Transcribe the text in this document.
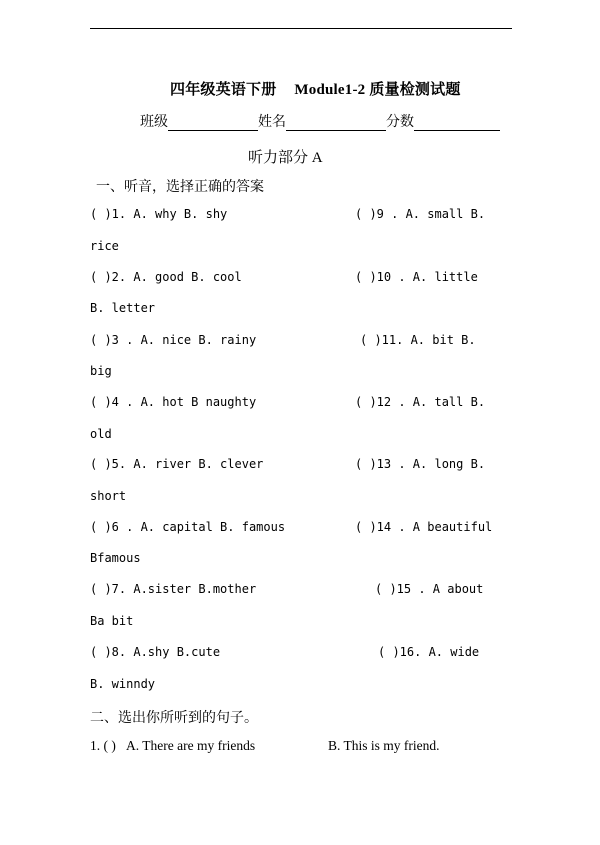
四年级英语下册 Module1-2 质量检测试题
班级	姓名	分数
听力部分 A
一、听音，选择正确的答案
( )1. A. why B. shy	( )9 . A. small B.
rice
( )2. A. good B. cool	( )10 . A. little
B. letter
( )3 . A. nice B. rainy	( )11. A. bit B.
big
( )4 . A. hot B naughty	( )12 . A. tall B.
old
( )5. A. river B. clever	( )13 . A. long B.
short
( )6 . A. capital B. famous	( )14 . A beautiful
Bfamous
( )7. A.sister B.mother	( )15 . A about
Ba bit
( )8. A.shy B.cute	( )16. A. wide
B. winndy
二、选出你所听到的句子。
1. ( ) A. There are my friends	B. This is my friend.
